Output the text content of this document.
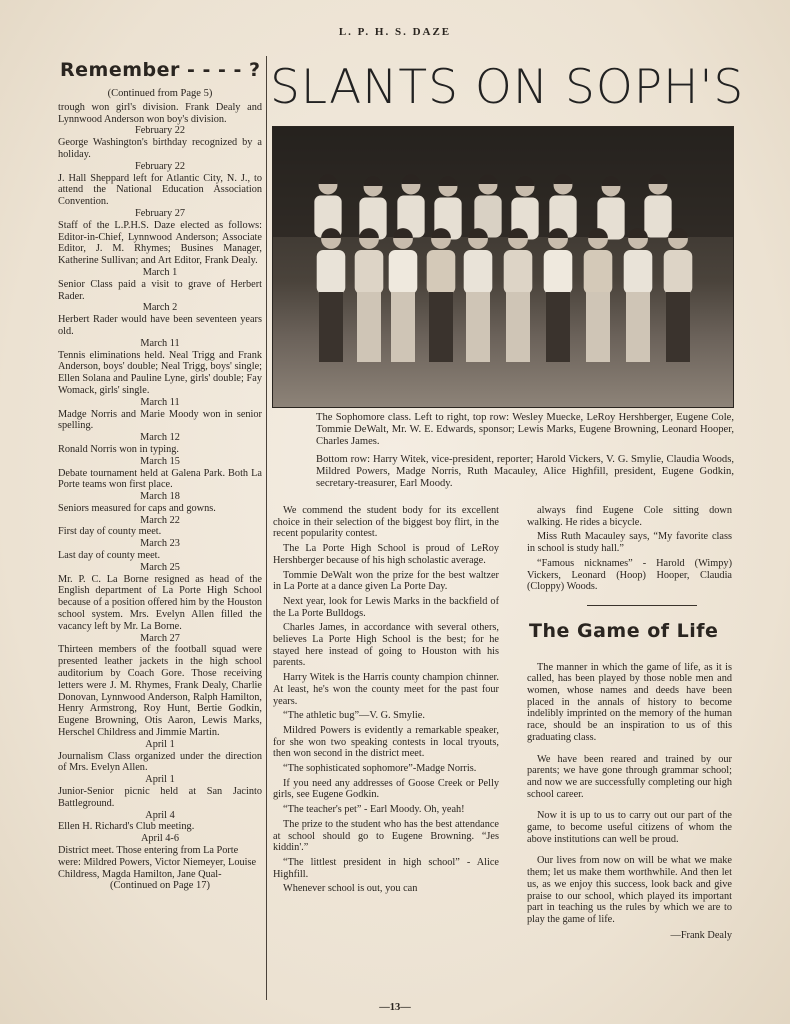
L. P. H. S. DAZE
Remember - - - - ?
(Continued from Page 5)
trough won girl's division. Frank Dealy and Lynnwood Anderson won boy's division.
February 22
George Washington's birthday recognized by a holiday.
February 22
J. Hall Sheppard left for Atlantic City, N. J., to attend the National Education Association Convention.
February 27
Staff of the L.P.H.S. Daze elected as follows: Editor-in-Chief, Lynnwood Anderson; Associate Editor, J. M. Rhymes; Busines Manager, Katherine Sullivan; and Art Editor, Frank Dealy.
March 1
Senior Class paid a visit to grave of Herbert Rader.
March 2
Herbert Rader would have been seventeen years old.
March 11
Tennis eliminations held. Neal Trigg and Frank Anderson, boys' double; Neal Trigg, boys' single; Ellen Solana and Pauline Lyne, girls' double; Fay Womack, girls' single.
March 11
Madge Norris and Marie Moody won in senior spelling.
March 12
Ronald Norris won in typing.
March 15
Debate tournament held at Galena Park. Both La Porte teams won first place.
March 18
Seniors measured for caps and gowns.
March 22
First day of county meet.
March 23
Last day of county meet.
March 25
Mr. P. C. La Borne resigned as head of the English department of La Porte High School because of a position offered him by the Houston school system. Mrs. Evelyn Allen filled the vacancy left by Mr. La Borne.
March 27
Thirteen members of the football squad were presented leather jackets in the high school auditorium by Coach Gore. Those receiving letters were J. M. Rhymes, Frank Dealy, Charlie Donovan, Lynnwood Anderson, Ralph Hamilton, Henry Armstrong, Roy Hunt, Bertie Godkin, Eugene Browning, Otis Aaron, Lewis Marks, Herschel Childress and Jimmie Martin.
April 1
Journalism Class organized under the direction of Mrs. Evelyn Allen.
April 1
Junior-Senior picnic held at San Jacinto Battleground.
April 4
Ellen H. Richard's Club meeting.
April 4-6
District meet. Those entering from La Porte were: Mildred Powers, Victor Niemeyer, Louise Childress, Magda Hamilton, Jane Qual-
(Continued on Page 17)
SLANTS ON SOPH'S

The Sophomore class. Left to right, top row: Wesley Muecke, LeRoy Hershberger, Eugene Cole, Tommie DeWalt, Mr. W. E. Edwards, sponsor; Lewis Marks, Eugene Browning, Leonard Hooper, Charles James.

Bottom row: Harry Witek, vice-president, reporter; Harold Vickers, V. G. Smylie, Claudia Woods, Mildred Powers, Madge Norris, Ruth Macauley, Alice Highfill, president, Eugene Godkin, secretary-treasurer, Earl Moody.

We commend the student body for its excellent choice in their selection of the biggest boy flirt, in the recent popularity contest.

The La Porte High School is proud of LeRoy Hershberger because of his high scholastic average.

Tommie DeWalt won the prize for the best waltzer in La Porte at a dance given La Porte Day.

Next year, look for Lewis Marks in the backfield of the La Porte Bulldogs.

Charles James, in accordance with several others, believes La Porte High School is the best; for he stayed here instead of going to Houston with his parents.

Harry Witek is the Harris county champion chinner. At least, he's won the county meet for the past four years.

“The athletic bug”—V. G. Smylie.

Mildred Powers is evidently a remarkable speaker, for she won two speaking contests in local tryouts, then won second in the district meet.

“The sophisticated sophomore”-Madge Norris.

If you need any addresses of Goose Creek or Pelly girls, see Eugene Godkin.

“The teacher's pet” - Earl Moody. Oh, yeah!

The prize to the student who has the best attendance at school should go to Eugene Browning. “Jes kiddin'.”

“The littlest president in high school” - Alice Highfill.

Whenever school is out, you can

always find Eugene Cole sitting down walking. He rides a bicycle.

Miss Ruth Macauley says, “My favorite class in school is study hall.”

“Famous nicknames” - Harold (Wimpy) Vickers, Leonard (Hoop) Hooper, Claudia (Cloppy) Woods.

The Game of Life

The manner in which the game of life, as it is called, has been played by those noble men and women, whose names and deeds have been placed in the annals of history to become indelibly imprinted on the memory of the human race, should be an inspiration to us of this graduating class.

We have been reared and trained by our parents; we have gone through grammar school; and now we are successfully completing our high school career.

Now it is up to us to carry out our part of the game, to become useful citizens of whom the above institutions can well be proud.

Our lives from now on will be what we make them; let us make them worthwhile. And then let us, as we enjoy this success, look back and give praise to our school, which played its important part in teaching us the rules by which we are to play the game of life.

—Frank Dealy
—13—
